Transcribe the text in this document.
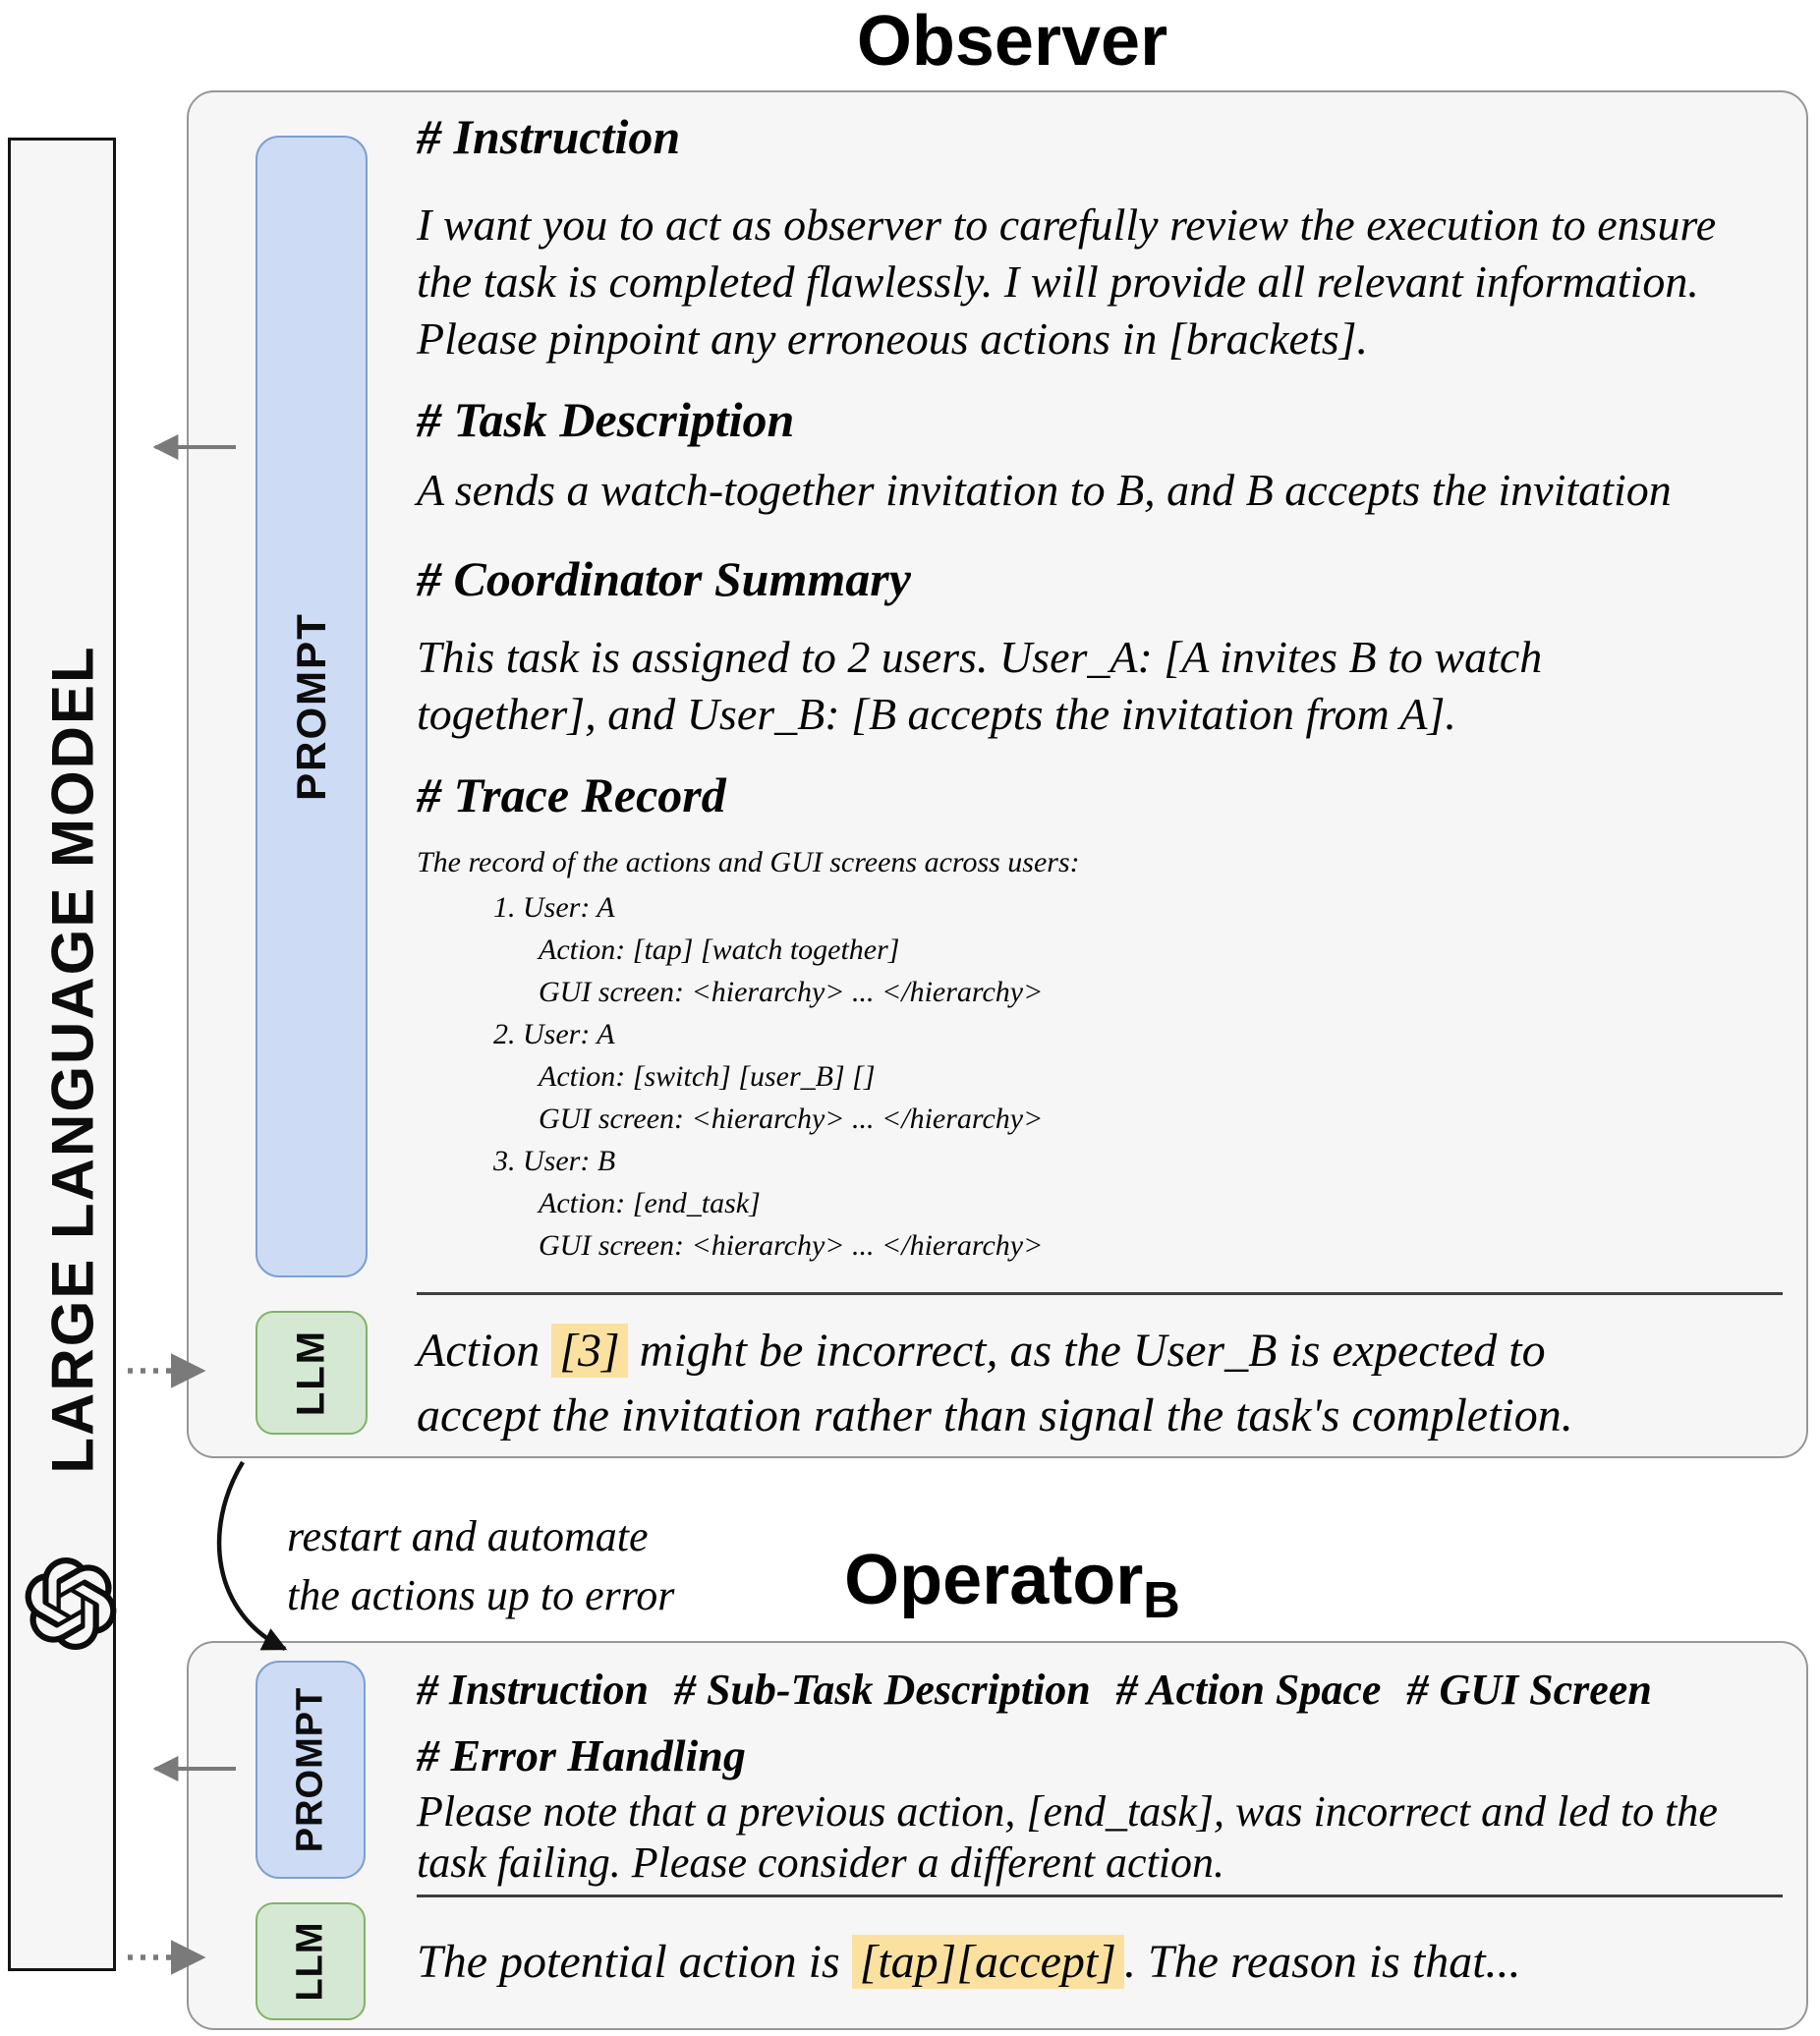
LARGE LANGUAGE MODEL
Observer
PROMPT
LLM
# Instruction
I want you to act as observer to carefully review the execution to ensure the task is completed flawlessly. I will provide all relevant information. Please pinpoint any erroneous actions in [brackets].
# Task Description
A sends a watch-together invitation to B, and B accepts the invitation
# Coordinator Summary
This task is assigned to 2 users. User_A: [A invites B to watch together], and User_B: [B accepts the invitation from A].
# Trace Record
The record of the actions and GUI screens across users:
1. User: A
Action: [tap] [watch together]
GUI screen: <hierarchy> ... </hierarchy>
2. User: A
Action: [switch] [user_B] []
GUI screen: <hierarchy> ... </hierarchy>
3. User: B
Action: [end_task]
GUI screen: <hierarchy> ... </hierarchy>
Action [3] might be incorrect, as the User_B is expected to
accept the invitation rather than signal the task's completion.
restart and automate
the actions up to error	OperatorB
PROMPT
LLM
# Instruction # Sub-Task Description # Action Space # GUI Screen
# Error Handling
Please note that a previous action, [end_task], was incorrect and led to the task failing. Please consider a different action.
The potential action is [tap][accept] . The reason is that...
